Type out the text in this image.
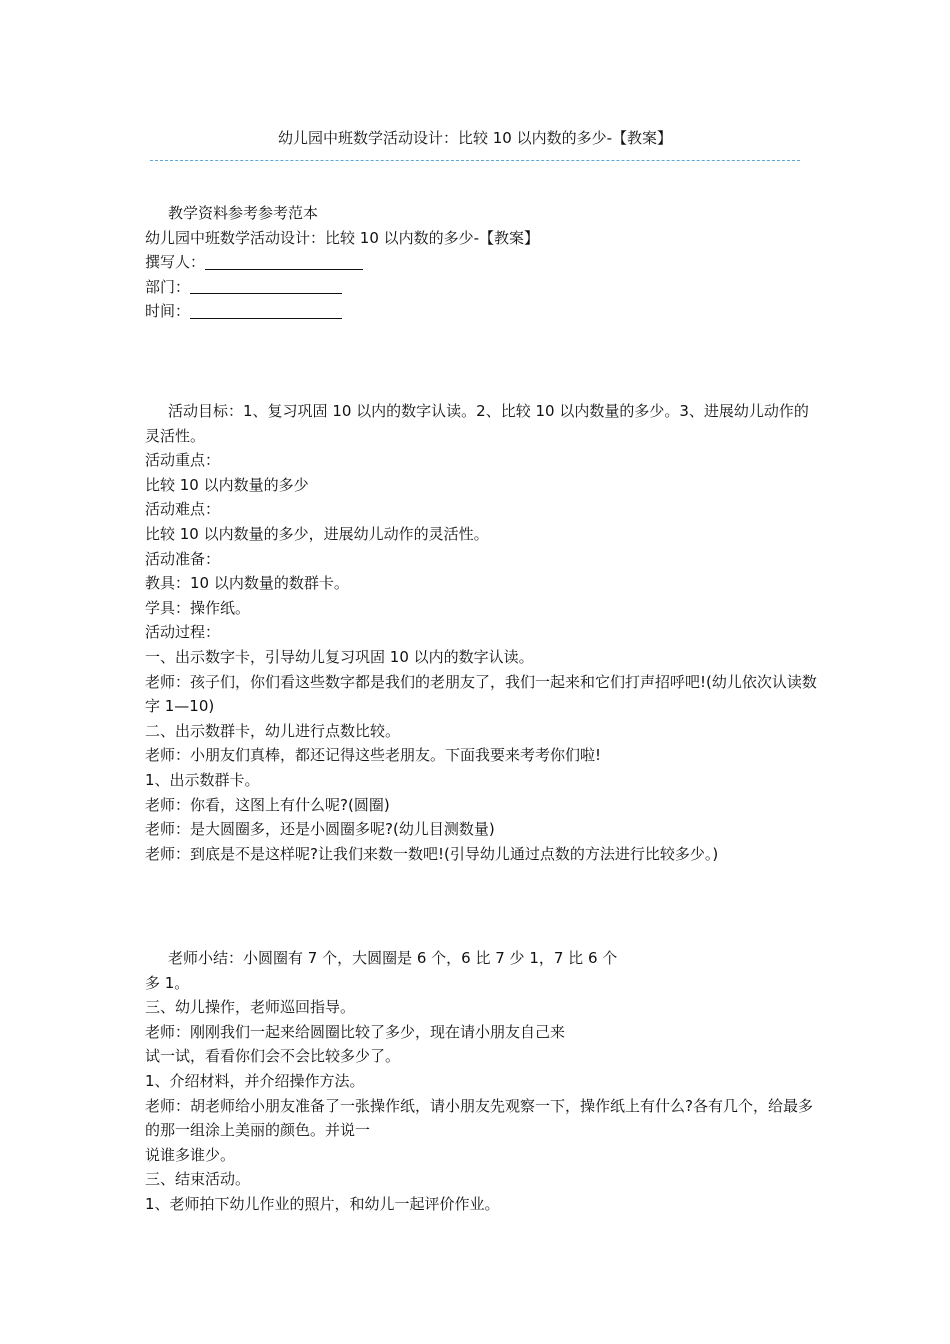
幼儿园中班数学活动设计：比较 10 以内数的多少-【教案】

教学资料参考参考范本

幼儿园中班数学活动设计：比较 10 以内数的多少-【教案】

撰写人：

部门：

时间：

活动目标：1、复习巩固 10 以内的数字认读。2、比较 10 以内数量的多少。3、进展幼儿动作的灵活性。

活动重点：

比较 10 以内数量的多少

活动难点：

比较 10 以内数量的多少，进展幼儿动作的灵活性。

活动准备：

教具：10 以内数量的数群卡。

学具：操作纸。

活动过程：

一、出示数字卡，引导幼儿复习巩固 10 以内的数字认读。

老师：孩子们，你们看这些数字都是我们的老朋友了，我们一起来和它们打声招呼吧!(幼儿依次认读数字 1—10)

二、出示数群卡，幼儿进行点数比较。

老师：小朋友们真棒，都还记得这些老朋友。下面我要来考考你们啦!

1、出示数群卡。

老师：你看，这图上有什么呢?(圆圈)

老师：是大圆圈多，还是小圆圈多呢?(幼儿目测数量)

老师：到底是不是这样呢?让我们来数一数吧!(引导幼儿通过点数的方法进行比较多少。)

老师小结：小圆圈有 7 个，大圆圈是 6 个，6 比 7 少 1，7 比 6 个

多 1。

三、幼儿操作，老师巡回指导。

老师：刚刚我们一起来给圆圈比较了多少，现在请小朋友自己来

试一试，看看你们会不会比较多少了。

1、介绍材料，并介绍操作方法。

老师：胡老师给小朋友准备了一张操作纸，请小朋友先观察一下，操作纸上有什么?各有几个，给最多的那一组涂上美丽的颜色。并说一

说谁多谁少。

三、结束活动。

1、老师拍下幼儿作业的照片，和幼儿一起评价作业。
